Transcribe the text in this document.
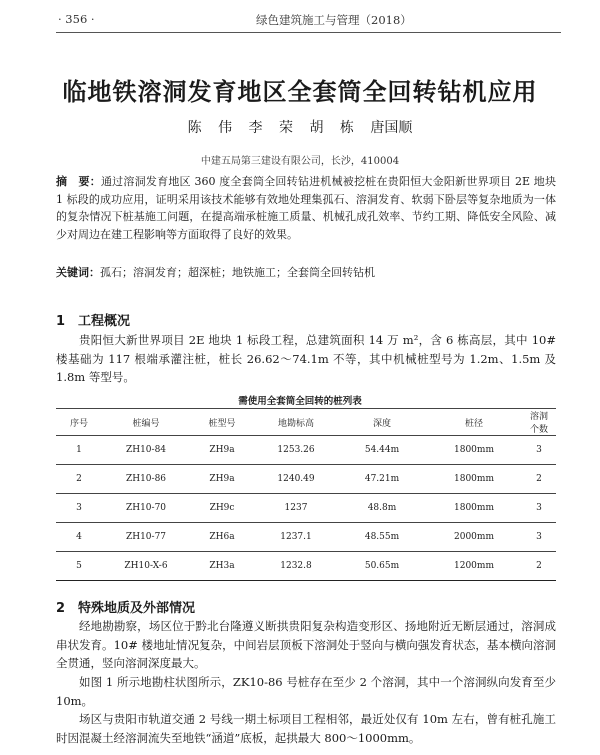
· 356 ·	绿色建筑施工与管理（2018）
临地铁溶洞发育地区全套筒全回转钻机应用
陈 伟 李 荣 胡 栋 唐国顺
中建五局第三建设有限公司，长沙，410004
摘　要：通过溶洞发育地区 360 度全套筒全回转钻进机械被挖桩在贵阳恒大金阳新世界项目 2E 地块 1 标段的成功应用，证明采用该技术能够有效地处理集孤石、溶洞发育、软弱下卧层等复杂地质为一体的复杂情况下桩基施工问题，在提高端承桩施工质量、机械孔成孔效率、节约工期、降低安全风险、减少对周边在建工程影响等方面取得了良好的效果。
关键词：孤石；溶洞发育；超深桩；地铁施工；全套筒全回转钻机
1　工程概况
贵阳恒大新世界项目 2E 地块 1 标段工程，总建筑面积 14 万 m²，含 6 栋高层，其中 10# 楼基础为 117 根端承灌注桩，桩长 26.62～74.1m 不等，其中机械桩型号为 1.2m、1.5m 及 1.8m 等型号。
需使用全套筒全回转的桩列表
序号	桩编号	桩型号	地勘标高	深度	桩径	溶洞个数
1	ZH10-84	ZH9a	1253.26	54.44m	1800mm	3
2	ZH10-86	ZH9a	1240.49	47.21m	1800mm	2
3	ZH10-70	ZH9c	1237	48.8m	1800mm	3
4	ZH10-77	ZH6a	1237.1	48.55m	2000mm	3
5	ZH10-X-6	ZH3a	1232.8	50.65m	1200mm	2
2　特殊地质及外部情况
经地勘勘察，场区位于黔北台隆遵义断拱贵阳复杂构造变形区、扬地附近无断层通过，溶洞成串状发育。10# 楼地址情况复杂，中间岩层顶板下溶洞处于竖向与横向强发育状态，基本横向溶洞全贯通，竖向溶洞深度最大。
如图 1 所示地勘柱状图所示，ZK10-86 号桩存在至少 2 个溶洞，其中一个溶洞纵向发育至少 10m。
场区与贵阳市轨道交通 2 号线一期土标项目工程相邻，最近处仅有 10m 左右，曾有桩孔施工时因混凝土经溶洞流失至地铁“涵道”底板，起拱最大 800～1000mm。
